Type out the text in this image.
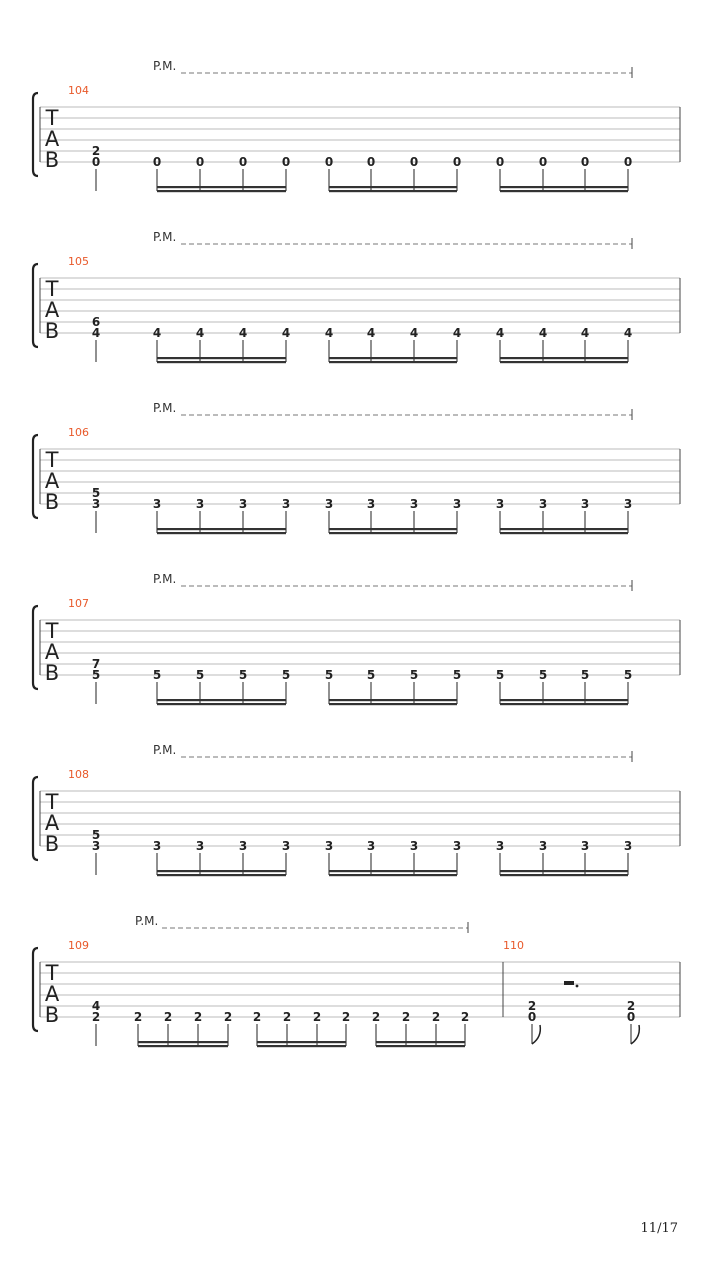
T
A
B
P.M.
104
2
0	0	0	0	0	0	0	0	0	0	0	0	0
T
A
B
P.M.
105
6
4	4	4	4	4	4	4	4	4	4	4	4	4
T
A
B
P.M.
106
5
3	3	3	3	3	3	3	3	3	3	3	3	3
T
A
B
P.M.
107
7
5	5	5	5	5	5	5	5	5	5	5	5	5
T
A
B
P.M.
108
5
3	3	3	3	3	3	3	3	3	3	3	3	3
T
A
B
P.M.
109
4
2	2 2 2 2 2 2 2 2 2 2 2 2
110
2
0
2
0
11/17
